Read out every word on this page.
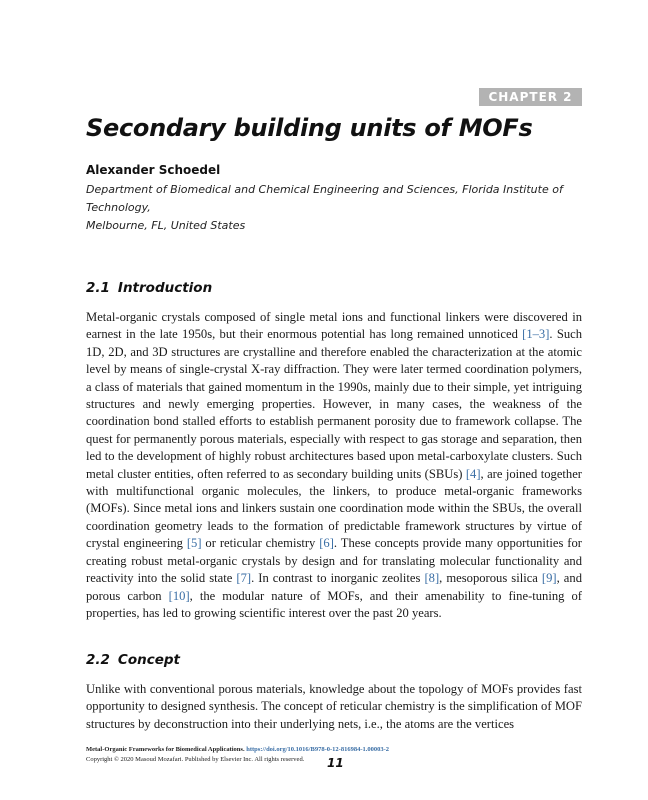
CHAPTER 2
Secondary building units of MOFs
Alexander Schoedel
Department of Biomedical and Chemical Engineering and Sciences, Florida Institute of Technology,
Melbourne, FL, United States
2.1 Introduction

Metal-organic crystals composed of single metal ions and functional linkers were discovered in earnest in the late 1950s, but their enormous potential has long remained unnoticed [1–3]. Such 1D, 2D, and 3D structures are crystalline and therefore enabled the characterization at the atomic level by means of single-crystal X-ray diffraction. They were later termed coordination polymers, a class of materials that gained momentum in the 1990s, mainly due to their simple, yet intriguing structures and newly emerging properties. However, in many cases, the weakness of the coordination bond stalled efforts to establish permanent porosity due to framework collapse. The quest for permanently porous materials, especially with respect to gas storage and separation, then led to the development of highly robust architectures based upon metal-carboxylate clusters. Such metal cluster entities, often referred to as secondary building units (SBUs) [4], are joined together with multifunctional organic molecules, the linkers, to produce metal-organic frameworks (MOFs). Since metal ions and linkers sustain one coordination mode within the SBUs, the overall coordination geometry leads to the formation of predictable framework structures by virtue of crystal engineering [5] or reticular chemistry [6]. These concepts provide many opportunities for creating robust metal-organic crystals by design and for translating molecular functionality and reactivity into the solid state [7]. In contrast to inorganic zeolites [8], mesoporous silica [9], and porous carbon [10], the modular nature of MOFs, and their amenability to fine-tuning of properties, has led to growing scientific interest over the past 20 years.

2.2 Concept

Unlike with conventional porous materials, knowledge about the topology of MOFs provides fast opportunity to designed synthesis. The concept of reticular chemistry is the simplification of MOF structures by deconstruction into their underlying nets, i.e., the atoms are the vertices

Metal-Organic Frameworks for Biomedical Applications. https://doi.org/10.1016/B978-0-12-816984-1.00003-2
Copyright © 2020 Masoud Mozafari. Published by Elsevier Inc. All rights reserved.	11
